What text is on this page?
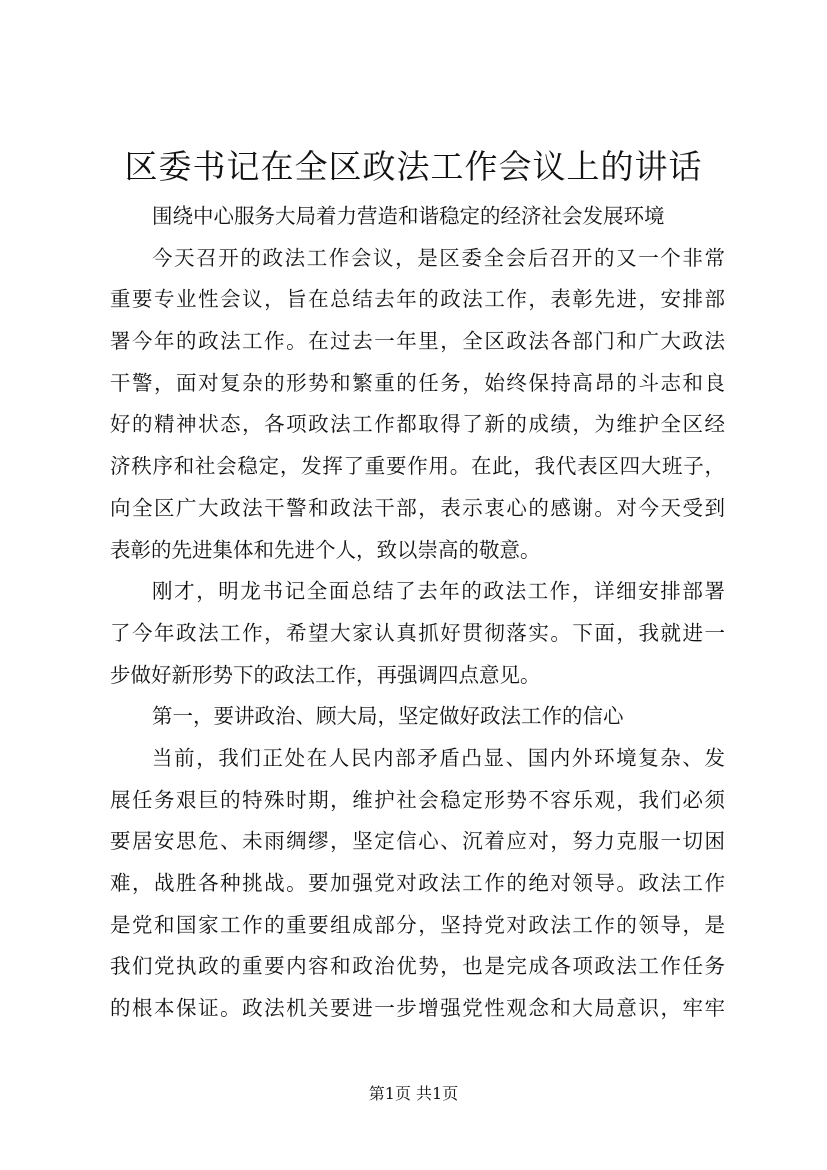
区委书记在全区政法工作会议上的讲话
围绕中心服务大局着力营造和谐稳定的经济社会发展环境
今天召开的政法工作会议，是区委全会后召开的又一个非常
重要专业性会议，旨在总结去年的政法工作，表彰先进，安排部
署今年的政法工作。在过去一年里，全区政法各部门和广大政法
干警，面对复杂的形势和繁重的任务，始终保持高昂的斗志和良
好的精神状态，各项政法工作都取得了新的成绩，为维护全区经
济秩序和社会稳定，发挥了重要作用。在此，我代表区四大班子，
向全区广大政法干警和政法干部，表示衷心的感谢。对今天受到
表彰的先进集体和先进个人，致以崇高的敬意。
刚才，明龙书记全面总结了去年的政法工作，详细安排部署
了今年政法工作，希望大家认真抓好贯彻落实。下面，我就进一
步做好新形势下的政法工作，再强调四点意见。
第一，要讲政治、顾大局，坚定做好政法工作的信心
当前，我们正处在人民内部矛盾凸显、国内外环境复杂、发
展任务艰巨的特殊时期，维护社会稳定形势不容乐观，我们必须
要居安思危、未雨绸缪，坚定信心、沉着应对，努力克服一切困
难，战胜各种挑战。要加强党对政法工作的绝对领导。政法工作
是党和国家工作的重要组成部分，坚持党对政法工作的领导，是
我们党执政的重要内容和政治优势，也是完成各项政法工作任务
的根本保证。政法机关要进一步增强党性观念和大局意识，牢牢
第1页 共1页
